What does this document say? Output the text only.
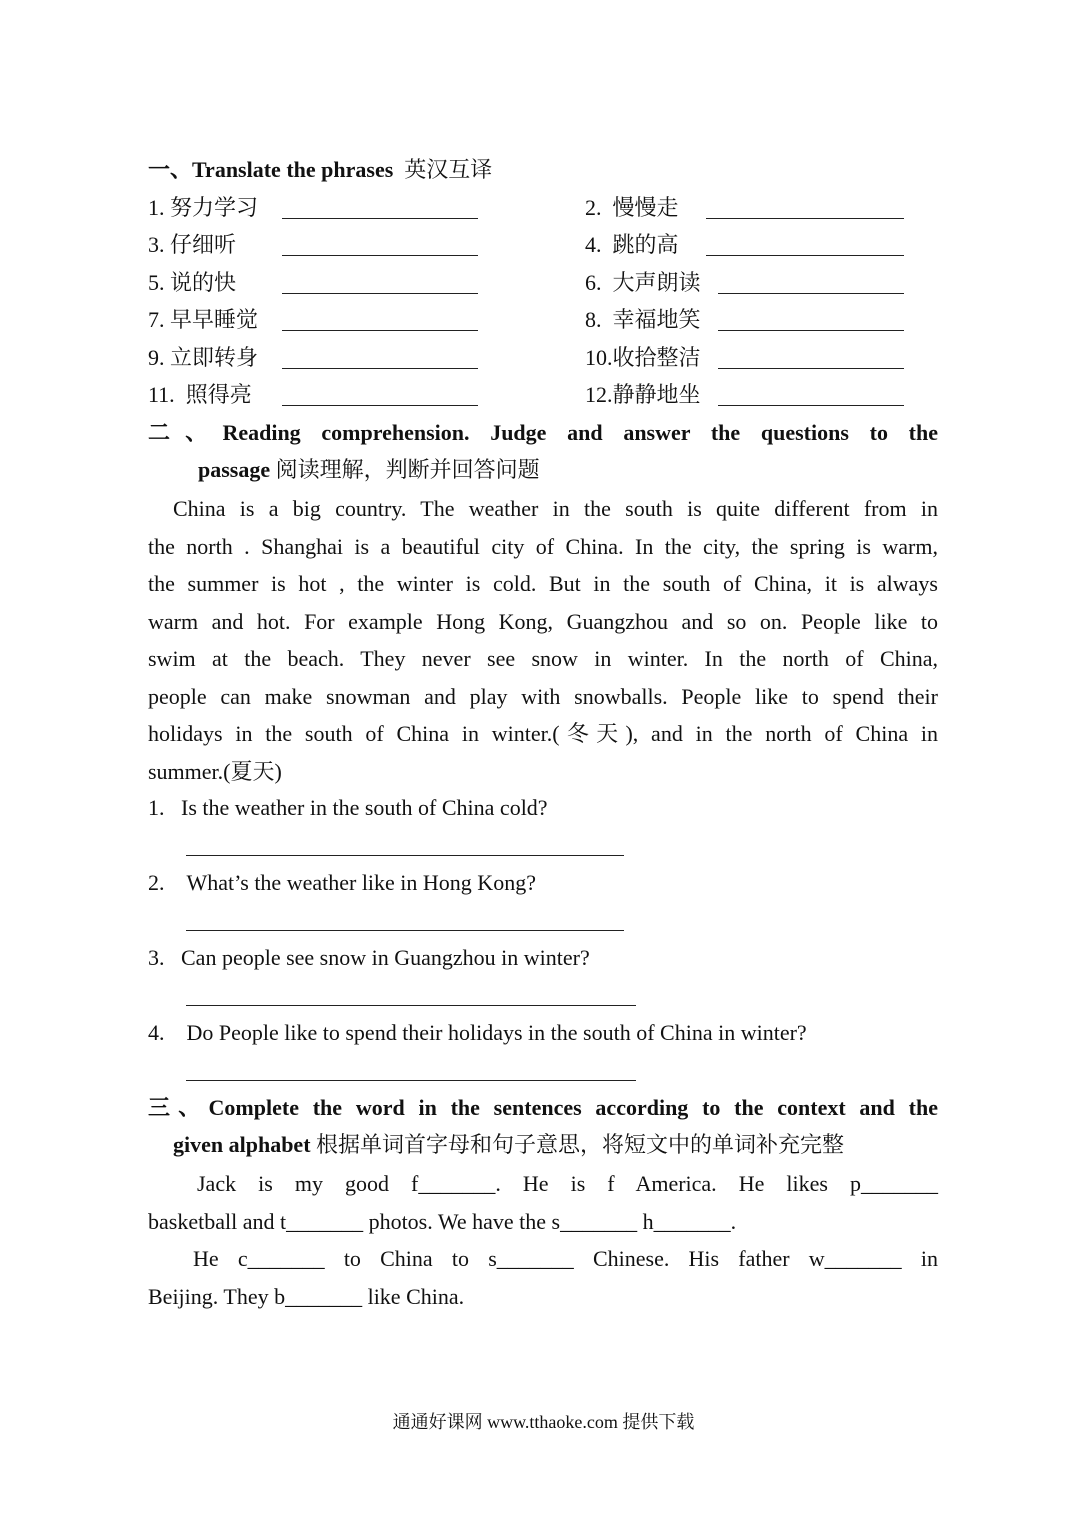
一、Translate the phrases 英汉互译
1. 努力学习
3. 仔细听
5. 说的快
7. 早早睡觉
9. 立即转身
11. 照得亮
2. 慢慢走
4. 跳的高
6. 大声朗读
8. 幸福地笑
10.收拾整洁
12.静静地坐
二、Reading comprehension. Judge and answer the questions to the
passage 阅读理解，判断并回答问题
China is a big country. The weather in the south is quite different from in
the north . Shanghai is a beautiful city of China. In the city, the spring is warm,
the summer is hot , the winter is cold. But in the south of China, it is always
warm and hot. For example Hong Kong, Guangzhou and so on. People like to
swim at the beach. They never see snow in winter. In the north of China,
people can make snowman and play with snowballs. People like to spend their
holidays in the south of China in winter.(冬天), and in the north of China in
summer.(夏天)
1. Is the weather in the south of China cold?
2. What’s the weather like in Hong Kong?
3. Can people see snow in Guangzhou in winter?
4. Do People like to spend their holidays in the south of China in winter?
三、Complete the word in the sentences according to the context and the
given alphabet 根据单词首字母和句子意思，将短文中的单词补充完整
Jack is my good f_______. He is f America. He likes p_______
basketball and t_______ photos. We have the s_______ h_______.
He c_______ to China to s_______ Chinese. His father w_______ in
Beijing. They b_______ like China.
通通好课网 www.tthaoke.com 提供下载
